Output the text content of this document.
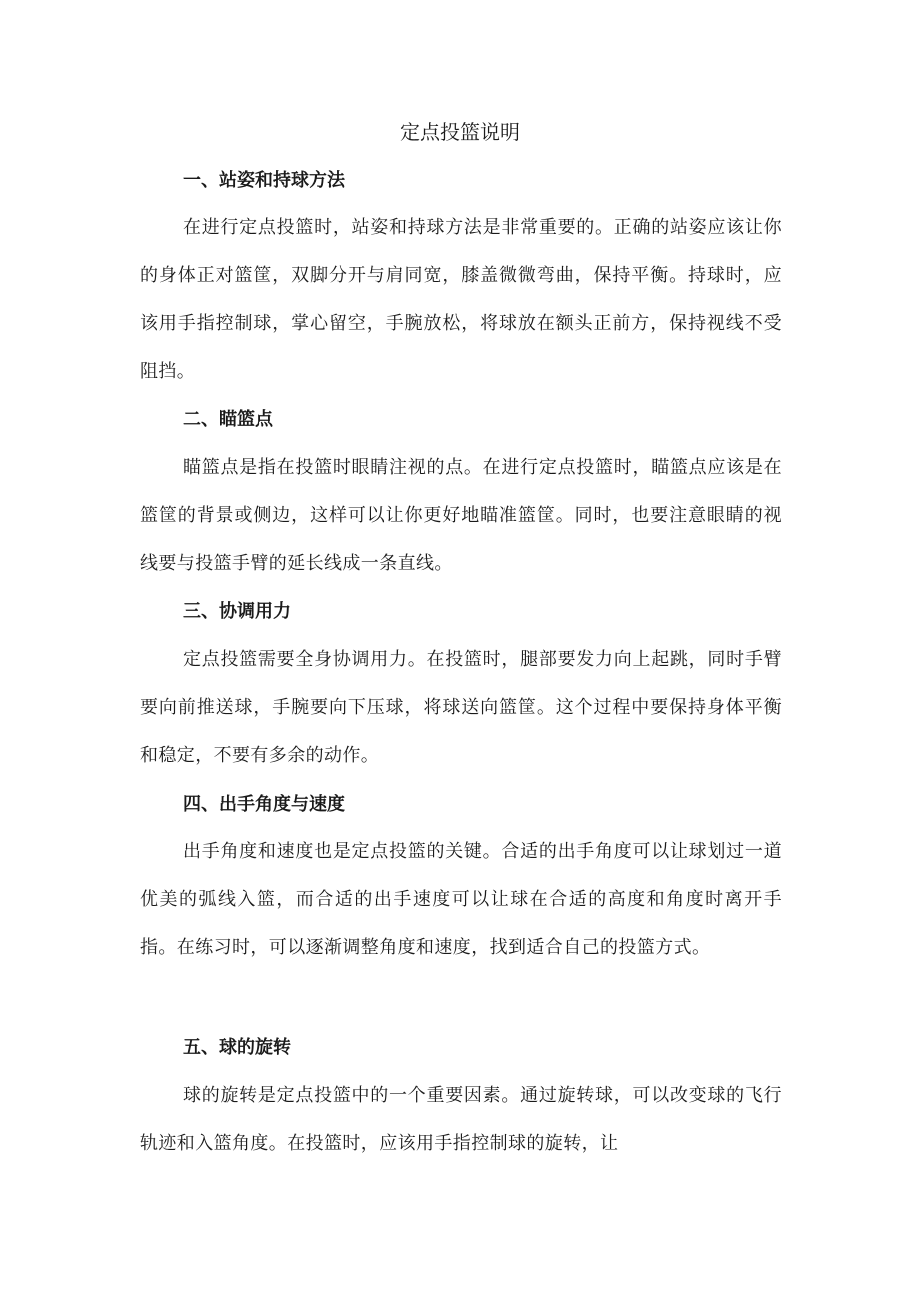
定点投篮说明
一、站姿和持球方法

在进行定点投篮时，站姿和持球方法是非常重要的。正确的站姿应该让你的身体正对篮筐，双脚分开与肩同宽，膝盖微微弯曲，保持平衡。持球时，应该用手指控制球，掌心留空，手腕放松，将球放在额头正前方，保持视线不受阻挡。

二、瞄篮点

瞄篮点是指在投篮时眼睛注视的点。在进行定点投篮时，瞄篮点应该是在篮筐的背景或侧边，这样可以让你更好地瞄准篮筐。同时，也要注意眼睛的视线要与投篮手臂的延长线成一条直线。

三、协调用力

定点投篮需要全身协调用力。在投篮时，腿部要发力向上起跳，同时手臂要向前推送球，手腕要向下压球，将球送向篮筐。这个过程中要保持身体平衡和稳定，不要有多余的动作。

四、出手角度与速度

出手角度和速度也是定点投篮的关键。合适的出手角度可以让球划过一道优美的弧线入篮，而合适的出手速度可以让球在合适的高度和角度时离开手指。在练习时，可以逐渐调整角度和速度，找到适合自己的投篮方式。

五、球的旋转

球的旋转是定点投篮中的一个重要因素。通过旋转球，可以改变球的飞行轨迹和入篮角度。在投篮时，应该用手指控制球的旋转，让
